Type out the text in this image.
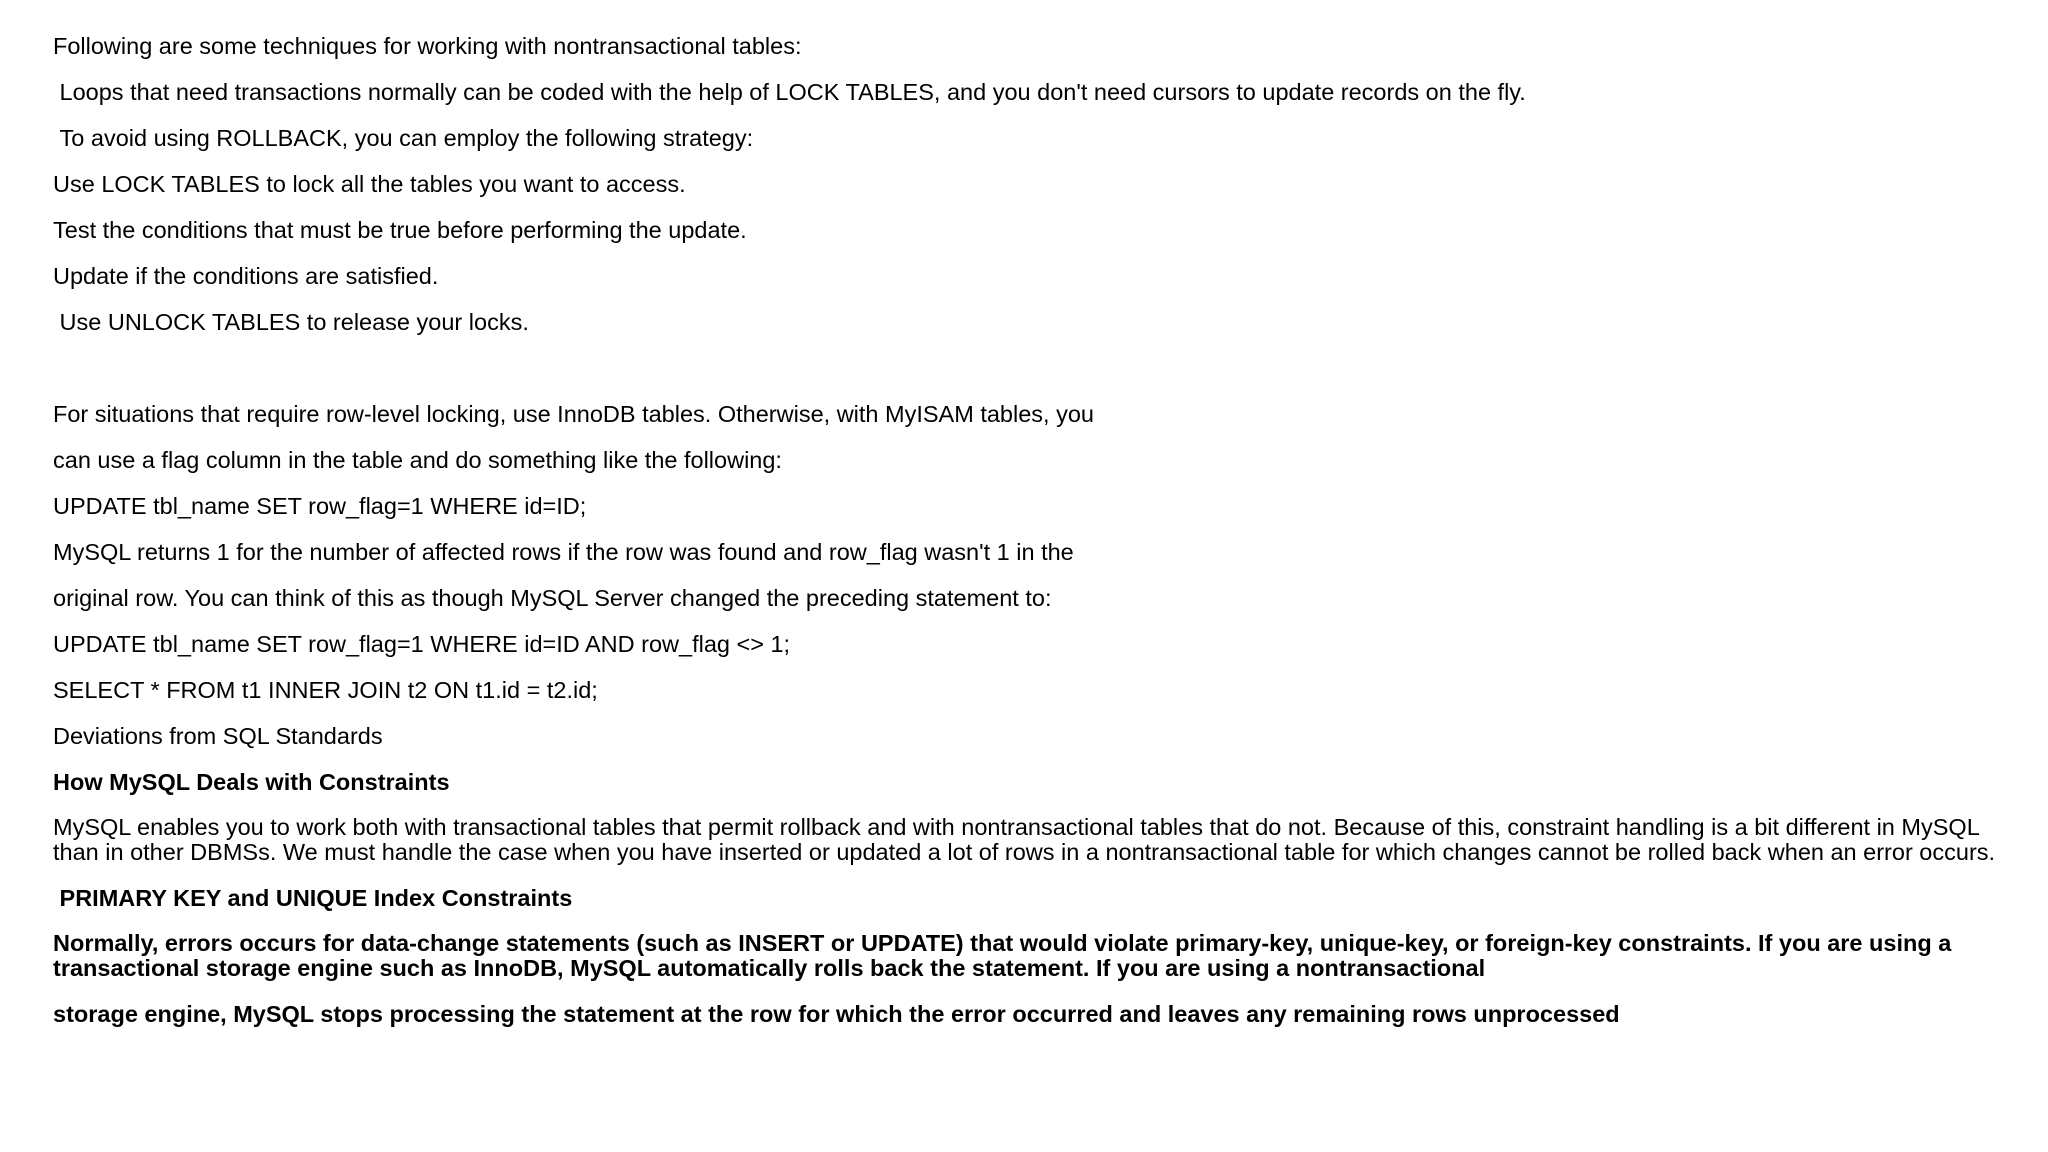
Following are some techniques for working with nontransactional tables:

Loops that need transactions normally can be coded with the help of LOCK TABLES, and you don't need cursors to update records on the fly.

To avoid using ROLLBACK, you can employ the following strategy:

Use LOCK TABLES to lock all the tables you want to access.

Test the conditions that must be true before performing the update.

Update if the conditions are satisfied.

Use UNLOCK TABLES to release your locks.

For situations that require row-level locking, use InnoDB tables. Otherwise, with MyISAM tables, you

can use a flag column in the table and do something like the following:

UPDATE tbl_name SET row_flag=1 WHERE id=ID;

MySQL returns 1 for the number of affected rows if the row was found and row_flag wasn't 1 in the

original row. You can think of this as though MySQL Server changed the preceding statement to:

UPDATE tbl_name SET row_flag=1 WHERE id=ID AND row_flag <> 1;

SELECT * FROM t1 INNER JOIN t2 ON t1.id = t2.id;

Deviations from SQL Standards

How MySQL Deals with Constraints

MySQL enables you to work both with transactional tables that permit rollback and with nontransactional tables that do not. Because of this, constraint handling is a bit different in MySQL than in other DBMSs. We must handle the case when you have inserted or updated a lot of rows in a nontransactional table for which changes cannot be rolled back when an error occurs.

PRIMARY KEY and UNIQUE Index Constraints

Normally, errors occurs for data-change statements (such as INSERT or UPDATE) that would violate primary-key, unique-key, or foreign-key constraints. If you are using a transactional storage engine such as InnoDB, MySQL automatically rolls back the statement. If you are using a nontransactional

storage engine, MySQL stops processing the statement at the row for which the error occurred and leaves any remaining rows unprocessed
